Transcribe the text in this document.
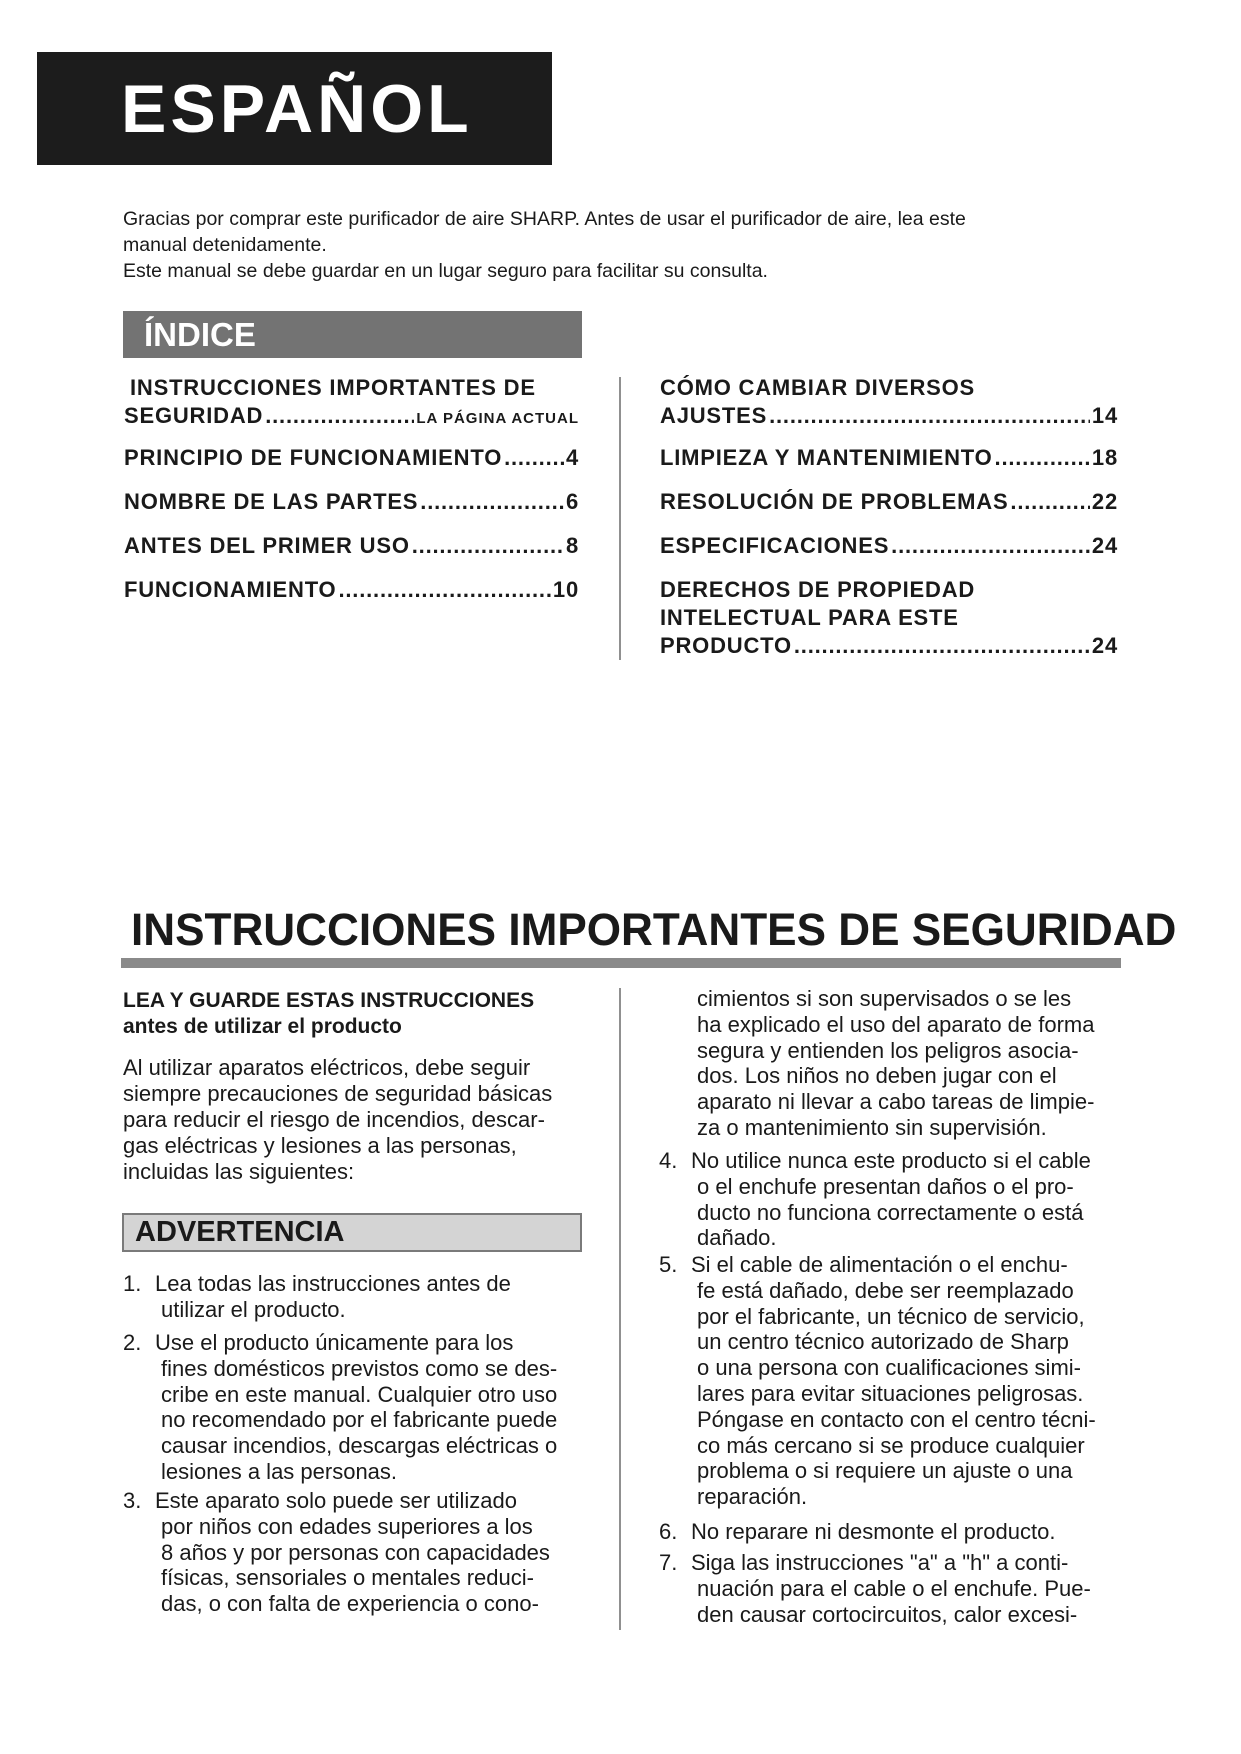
ESPAÑOL

Gracias por comprar este purificador de aire SHARP. Antes de usar el purificador de aire, lea este

manual detenidamente.

Este manual se debe guardar en un lugar seguro para facilitar su consulta.

ÍNDICE
INSTRUCCIONES IMPORTANTES DE
SEGURIDAD .....	LA PÁGINA ACTUAL
PRINCIPIO DE FUNCIONAMIENTO .....	4
NOMBRE DE LAS PARTES .....	6
ANTES DEL PRIMER USO .....	8
FUNCIONAMIENTO .....	10
CÓMO CAMBIAR DIVERSOS
AJUSTES .....	14
LIMPIEZA Y MANTENIMIENTO .....	18
RESOLUCIÓN DE PROBLEMAS .....	22
ESPECIFICACIONES .....	24
DERECHOS DE PROPIEDAD
INTELECTUAL PARA ESTE
PRODUCTO .....	24
INSTRUCCIONES IMPORTANTES DE SEGURIDAD

LEA Y GUARDE ESTAS INSTRUCCIONES

antes de utilizar el producto

Al utilizar aparatos eléctricos, debe seguir
siempre precauciones de seguridad básicas
para reducir el riesgo de incendios, descar-
gas eléctricas y lesiones a las personas,
incluidas las siguientes:
ADVERTENCIA
1. Lea todas las instrucciones antes de
utilizar el producto.
2. Use el producto únicamente para los
fines domésticos previstos como se des-
cribe en este manual. Cualquier otro uso
no recomendado por el fabricante puede
causar incendios, descargas eléctricas o
lesiones a las personas.
3. Este aparato solo puede ser utilizado
por niños con edades superiores a los
8 años y por personas con capacidades
físicas, sensoriales o mentales reduci-
das, o con falta de experiencia o cono-
cimientos si son supervisados o se les
ha explicado el uso del aparato de forma
segura y entienden los peligros asocia-
dos. Los niños no deben jugar con el
aparato ni llevar a cabo tareas de limpie-
za o mantenimiento sin supervisión.
4. No utilice nunca este producto si el cable
o el enchufe presentan daños o el pro-
ducto no funciona correctamente o está
dañado.
5. Si el cable de alimentación o el enchu-
fe está dañado, debe ser reemplazado
por el fabricante, un técnico de servicio,
un centro técnico autorizado de Sharp
o una persona con cualificaciones simi-
lares para evitar situaciones peligrosas.
Póngase en contacto con el centro técni-
co más cercano si se produce cualquier
problema o si requiere un ajuste o una
reparación.
6. No reparare ni desmonte el producto.
7. Siga las instrucciones "a" a "h" a conti-
nuación para el cable o el enchufe. Pue-
den causar cortocircuitos, calor excesi-
